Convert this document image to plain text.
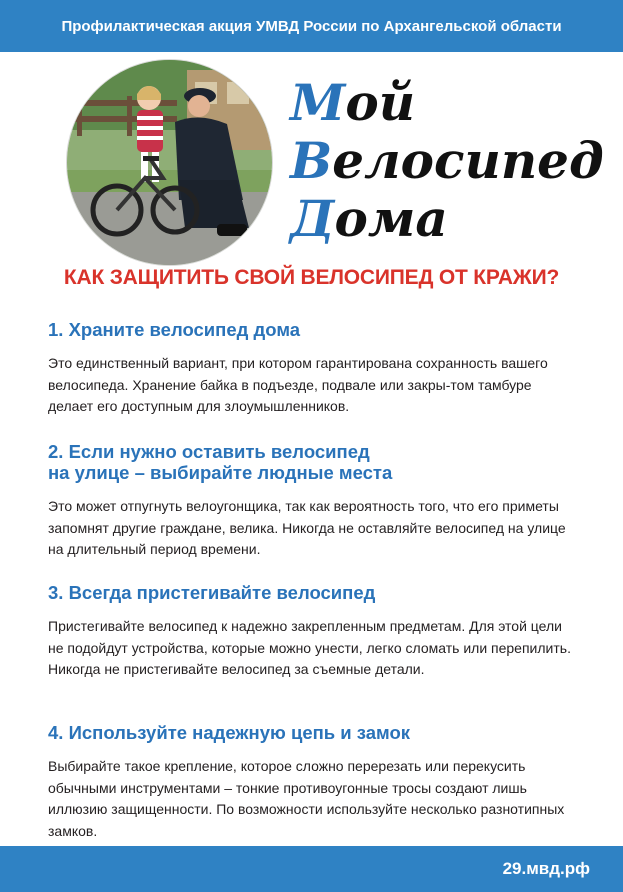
Профилактическая акция УМВД России по Архангельской области
Мой
Велосипед
Дома
КАК ЗАЩИТИТЬ СВОЙ ВЕЛОСИПЕД ОТ КРАЖИ?
1. Храните велосипед дома

Это единственный вариант, при котором гарантирована сохранность вашего велосипеда. Хранение байка в подъезде, подвале или закры-том тамбуре делает его доступным для злоумышленников.

2. Если нужно оставить велосипед
на улице – выбирайте людные места

Это может отпугнуть велоугонщика, так как вероятность того, что его приметы запомнят другие граждане, велика. Никогда не оставляйте велосипед на улице на длительный период времени.

3. Всегда пристегивайте велосипед

Пристегивайте велосипед к надежно закрепленным предметам. Для этой цели не подойдут устройства, которые можно унести, легко сломать или перепилить. Никогда не пристегивайте велосипед за съемные детали.

4. Используйте надежную цепь и замок

Выбирайте такое крепление, которое сложно перерезать или перекусить обычными инструментами – тонкие противоугонные тросы создают лишь иллюзию защищенности. По возможности используйте несколько разнотипных замков.

29.мвд.рф
